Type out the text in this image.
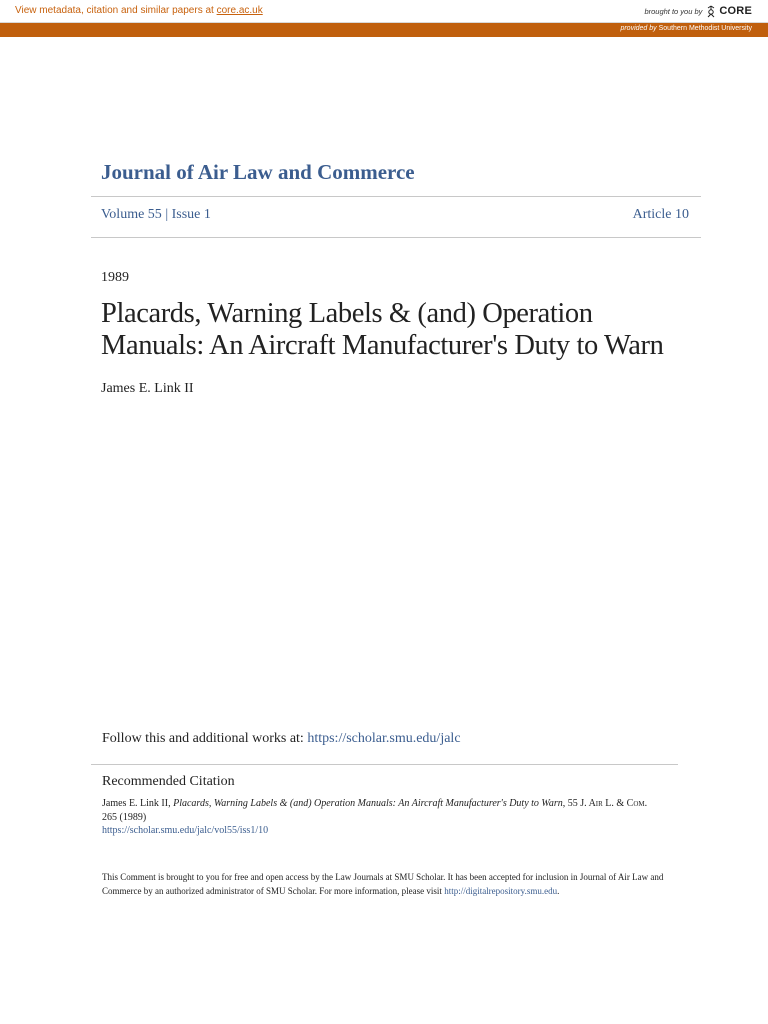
View metadata, citation and similar papers at core.ac.uk	brought to you by CORE
provided by Southern Methodist University
Journal of Air Law and Commerce
Volume 55 | Issue 1	Article 10
1989
Placards, Warning Labels & (and) Operation Manuals: An Aircraft Manufacturer's Duty to Warn
James E. Link II
Follow this and additional works at: https://scholar.smu.edu/jalc
Recommended Citation
James E. Link II, Placards, Warning Labels & (and) Operation Manuals: An Aircraft Manufacturer's Duty to Warn, 55 J. Air L. & Com. 265 (1989)
https://scholar.smu.edu/jalc/vol55/iss1/10
This Comment is brought to you for free and open access by the Law Journals at SMU Scholar. It has been accepted for inclusion in Journal of Air Law and Commerce by an authorized administrator of SMU Scholar. For more information, please visit http://digitalrepository.smu.edu.
